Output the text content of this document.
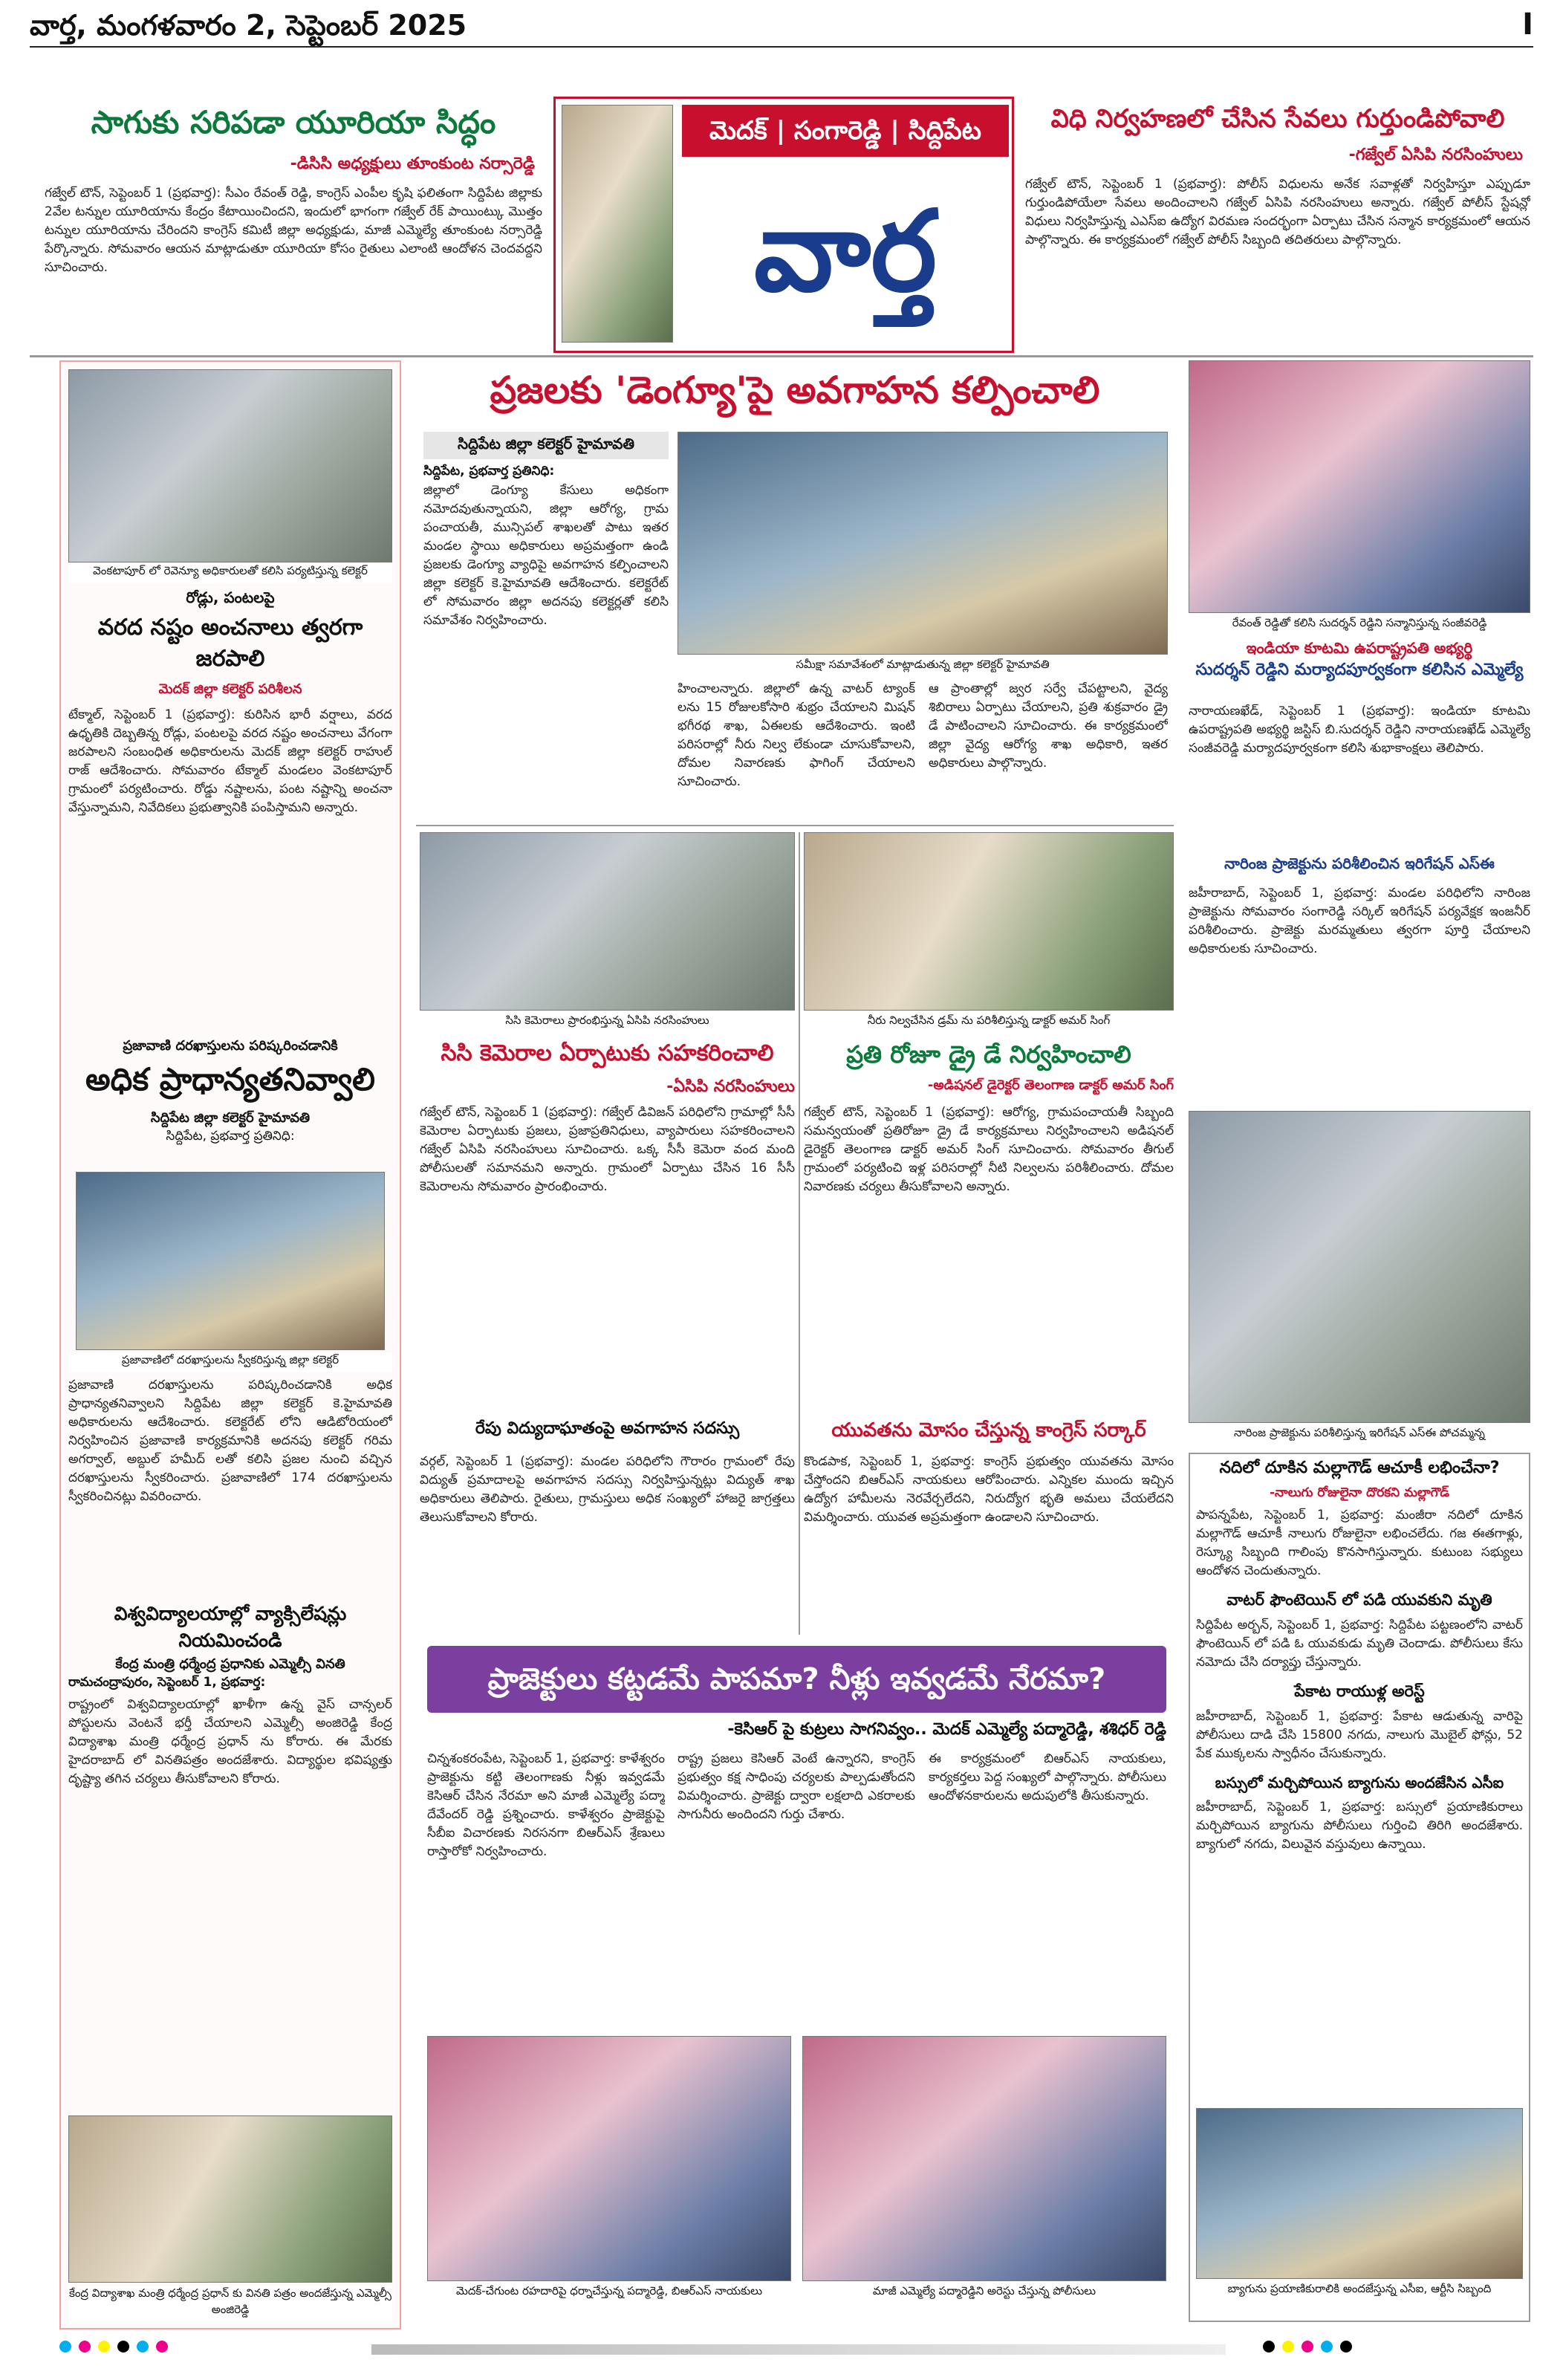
వార్త, మంగళవారం 2, సెప్టెంబర్ 2025	I
సాగుకు సరిపడా యూరియా సిద్ధం
-డిసిసి అధ్యక్షులు తూంకుంట నర్సారెడ్డి
గజ్వేల్ టౌన్, సెప్టెంబర్ 1 (ప్రభవార్త): సీఎం రేవంత్ రెడ్డి, కాంగ్రెస్ ఎంపీల కృషి ఫలితంగా సిద్దిపేట జిల్లాకు 2వేల టన్నుల యూరియాను కేంద్రం కేటాయించిందని, ఇందులో భాగంగా గజ్వేల్ రేక్ పాయింట్కు మొత్తం టన్నుల యూరియాను చేరిందని కాంగ్రెస్ కమిటీ జిల్లా అధ్యక్షుడు, మాజీ ఎమ్మెల్యే తూంకుంట నర్సారెడ్డి పేర్కొన్నారు. సోమవారం ఆయన మాట్లాడుతూ యూరియా కోసం రైతులు ఎలాంటి ఆందోళన చెందవద్దని సూచించారు.
మెదక్ | సంగారెడ్డి | సిద్దిపేట
వార్త
విధి నిర్వహణలో చేసిన సేవలు గుర్తుండిపోవాలి
-గజ్వేల్ ఏసిపి నరసింహులు
గజ్వేల్ టౌన్, సెప్టెంబర్ 1 (ప్రభవార్త): పోలీస్ విధులను అనేక సవాళ్లతో నిర్వహిస్తూ ఎప్పుడూ గుర్తుండిపోయేలా సేవలు అందించాలని గజ్వేల్ ఏసిపి నరసింహులు అన్నారు. గజ్వేల్ పోలీస్ స్టేషన్లో విధులు నిర్వహిస్తున్న ఎఎస్ఐ ఉద్యోగ విరమణ సందర్భంగా ఏర్పాటు చేసిన సన్మాన కార్యక్రమంలో ఆయన పాల్గొన్నారు. ఈ కార్యక్రమంలో గజ్వేల్ పోలీస్ సిబ్బంది తదితరులు పాల్గొన్నారు.
వెంకటాపూర్ లో రెవెన్యూ అధికారులతో కలిసి పర్యటిస్తున్న కలెక్టర్
రోడ్లు, పంటలపై
వరద నష్టం అంచనాలు త్వరగా జరపాలి
మెదక్ జిల్లా కలెక్టర్ పరిశీలన
టేక్మాల్, సెప్టెంబర్ 1 (ప్రభవార్త): కురిసిన భారీ వర్షాలు, వరద ఉధృతికి దెబ్బతిన్న రోడ్లు, పంటలపై వరద నష్టం అంచనాలు వేగంగా జరపాలని సంబంధిత అధికారులను మెదక్ జిల్లా కలెక్టర్ రాహుల్ రాజ్ ఆదేశించారు. సోమవారం టేక్మాల్ మండలం వెంకటాపూర్ గ్రామంలో పర్యటించారు. రోడ్డు నష్టాలను, పంట నష్టాన్ని అంచనా వేస్తున్నామని, నివేదికలు ప్రభుత్వానికి పంపిస్తామని అన్నారు.
ప్రజావాణి దరఖాస్తులను పరిష్కరించడానికి
అధిక ప్రాధాన్యతనివ్వాలి
సిద్దిపేట జిల్లా కలెక్టర్ హైమావతి
సిద్దిపేట, ప్రభవార్త ప్రతినిధి:
ప్రజావాణిలో దరఖాస్తులను స్వీకరిస్తున్న జిల్లా కలెక్టర్
ప్రజావాణి దరఖాస్తులను పరిష్కరించడానికి అధిక ప్రాధాన్యతనివ్వాలని సిద్దిపేట జిల్లా కలెక్టర్ కె.హైమావతి అధికారులను ఆదేశించారు. కలెక్టరేట్ లోని ఆడిటోరియంలో నిర్వహించిన ప్రజావాణి కార్యక్రమానికి అదనపు కలెక్టర్ గరిమ అగర్వాల్, అబ్దుల్ హమీద్ లతో కలిసి ప్రజల నుంచి వచ్చిన దరఖాస్తులను స్వీకరించారు. ప్రజావాణిలో 174 దరఖాస్తులను స్వీకరించినట్లు వివరించారు.
విశ్వవిద్యాలయాల్లో వ్యాక్సిలేషన్లు నియమించండి
కేంద్ర మంత్రి ధర్మేంద్ర ప్రధానికు ఎమ్మెల్సీ వినతి
రామచంద్రాపురం, సెప్టెంబర్ 1, ప్రభవార్త:
రాష్ట్రంలో విశ్వవిద్యాలయాల్లో ఖాళీగా ఉన్న వైస్ చాన్సలర్ పోస్టులను వెంటనే భర్తీ చేయాలని ఎమ్మెల్సీ అంజిరెడ్డి కేంద్ర విద్యాశాఖ మంత్రి ధర్మేంద్ర ప్రధాన్ ను కోరారు. ఈ మేరకు హైదరాబాద్ లో వినతిపత్రం అందజేశారు. విద్యార్థుల భవిష్యత్తు దృష్ట్యా తగిన చర్యలు తీసుకోవాలని కోరారు.
కేంద్ర విద్యాశాఖ మంత్రి ధర్మేంద్ర ప్రధాన్ కు వినతి పత్రం అందజేస్తున్న ఎమ్మెల్సీ అంజిరెడ్డి
ప్రజలకు 'డెంగ్యూ'పై అవగాహన కల్పించాలి
సిద్దిపేట జిల్లా కలెక్టర్ హైమావతి
సిద్దిపేట, ప్రభవార్త ప్రతినిధి:
జిల్లాలో డెంగ్యూ కేసులు అధికంగా నమోదవుతున్నాయని, జిల్లా ఆరోగ్య, గ్రామ పంచాయతీ, మున్సిపల్ శాఖలతో పాటు ఇతర మండల స్థాయి అధికారులు అప్రమత్తంగా ఉండి ప్రజలకు డెంగ్యూ వ్యాధిపై అవగాహన కల్పించాలని జిల్లా కలెక్టర్ కె.హైమావతి ఆదేశించారు. కలెక్టరేట్ లో సోమవారం జిల్లా అదనపు కలెక్టర్లతో కలిసి సమావేశం నిర్వహించారు.
సమీక్షా సమావేశంలో మాట్లాడుతున్న జిల్లా కలెక్టర్ హైమావతి
హించాలన్నారు. జిల్లాలో ఉన్న వాటర్ ట్యాంక్ లను 15 రోజులకోసారి శుభ్రం చేయాలని మిషన్ భగీరథ శాఖ, ఏఈలకు ఆదేశించారు. ఇంటి పరిసరాల్లో నీరు నిల్వ లేకుండా చూసుకోవాలని, దోమల నివారణకు ఫాగింగ్ చేయాలని సూచించారు.
ఆ ప్రాంతాల్లో జ్వర సర్వే చేపట్టాలని, వైద్య శిబిరాలు ఏర్పాటు చేయాలని, ప్రతి శుక్రవారం డ్రై డే పాటించాలని సూచించారు. ఈ కార్యక్రమంలో జిల్లా వైద్య ఆరోగ్య శాఖ అధికారి, ఇతర అధికారులు పాల్గొన్నారు.
సిసి కెమెరాలు ప్రారంభిస్తున్న ఏసిపి నరసింహులు
సిసి కెమెరాల ఏర్పాటుకు సహకరించాలి
-ఏసిపి నరసింహులు
గజ్వేల్ టౌన్, సెప్టెంబర్ 1 (ప్రభవార్త): గజ్వేల్ డివిజన్ పరిధిలోని గ్రామాల్లో సీసీ కెమెరాల ఏర్పాటుకు ప్రజలు, ప్రజాప్రతినిధులు, వ్యాపారులు సహకరించాలని గజ్వేల్ ఏసిపి నరసింహులు సూచించారు. ఒక్క సీసీ కెమెరా వంద మంది పోలీసులతో సమానమని అన్నారు. గ్రామంలో ఏర్పాటు చేసిన 16 సీసీ కెమెరాలను సోమవారం ప్రారంభించారు.
రేపు విద్యుదాఘాతంపై అవగాహన సదస్సు
వర్గల్, సెప్టెంబర్ 1 (ప్రభవార్త): మండల పరిధిలోని గౌరారం గ్రామంలో రేపు విద్యుత్ ప్రమాదాలపై అవగాహన సదస్సు నిర్వహిస్తున్నట్లు విద్యుత్ శాఖ అధికారులు తెలిపారు. రైతులు, గ్రామస్తులు అధిక సంఖ్యలో హాజరై జాగ్రత్తలు తెలుసుకోవాలని కోరారు.
నీరు నిల్వచేసిన డ్రమ్ ను పరిశీలిస్తున్న డాక్టర్ అమర్ సింగ్
ప్రతి రోజూ డ్రై డే నిర్వహించాలి
-అడిషనల్ డైరెక్టర్ తెలంగాణ డాక్టర్ అమర్ సింగ్
గజ్వేల్ టౌన్, సెప్టెంబర్ 1 (ప్రభవార్త): ఆరోగ్య, గ్రామపంచాయతీ సిబ్బంది సమన్వయంతో ప్రతిరోజూ డ్రై డే కార్యక్రమాలు నిర్వహించాలని అడిషనల్ డైరెక్టర్ తెలంగాణ డాక్టర్ అమర్ సింగ్ సూచించారు. సోమవారం తీగుల్ గ్రామంలో పర్యటించి ఇళ్ల పరిసరాల్లో నీటి నిల్వలను పరిశీలించారు. దోమల నివారణకు చర్యలు తీసుకోవాలని అన్నారు.
యువతను మోసం చేస్తున్న కాంగ్రెస్ సర్కార్
కొండపాక, సెప్టెంబర్ 1, ప్రభవార్త: కాంగ్రెస్ ప్రభుత్వం యువతను మోసం చేస్తోందని బిఆర్ఎస్ నాయకులు ఆరోపించారు. ఎన్నికల ముందు ఇచ్చిన ఉద్యోగ హామీలను నెరవేర్చలేదని, నిరుద్యోగ భృతి అమలు చేయలేదని విమర్శించారు. యువత అప్రమత్తంగా ఉండాలని సూచించారు.
ప్రాజెక్టులు కట్టడమే పాపమా? నీళ్లు ఇవ్వడమే నేరమా?
-కెసిఆర్ పై కుట్రలు సాగనివ్వం.. మెదక్ ఎమ్మెల్యే పద్మారెడ్డి, శశిధర్ రెడ్డి
చిన్నశంకరంపేట, సెప్టెంబర్ 1, ప్రభవార్త: కాళేశ్వరం ప్రాజెక్టును కట్టి తెలంగాణకు నీళ్లు ఇవ్వడమే కెసిఆర్ చేసిన నేరమా అని మాజీ ఎమ్మెల్యే పద్మా దేవేందర్ రెడ్డి ప్రశ్నించారు. కాళేశ్వరం ప్రాజెక్టుపై సీబీఐ విచారణకు నిరసనగా బిఆర్ఎస్ శ్రేణులు రాస్తారోకో నిర్వహించారు.
రాష్ట్ర ప్రజలు కెసిఆర్ వెంటే ఉన్నారని, కాంగ్రెస్ ప్రభుత్వం కక్ష సాధింపు చర్యలకు పాల్పడుతోందని విమర్శించారు. ప్రాజెక్టు ద్వారా లక్షలాది ఎకరాలకు సాగునీరు అందిందని గుర్తు చేశారు.
ఈ కార్యక్రమంలో బిఆర్ఎస్ నాయకులు, కార్యకర్తలు పెద్ద సంఖ్యలో పాల్గొన్నారు. పోలీసులు ఆందోళనకారులను అదుపులోకి తీసుకున్నారు.
మెదక్-చేగుంట రహదారిపై ధర్నాచేస్తున్న పద్మారెడ్డి, బిఆర్ఎస్ నాయకులు	మాజీ ఎమ్మెల్యే పద్మారెడ్డిని అరెస్టు చేస్తున్న పోలీసులు
రేవంత్ రెడ్డితో కలిసి సుదర్శన్ రెడ్డిని సన్మానిస్తున్న సంజీవరెడ్డి
ఇండియా కూటమి ఉపరాష్ట్రపతి అభ్యర్థి
సుదర్శన్ రెడ్డిని మర్యాదపూర్వకంగా కలిసిన ఎమ్మెల్యే
నారాయణఖేడ్, సెప్టెంబర్ 1 (ప్రభవార్త): ఇండియా కూటమి ఉపరాష్ట్రపతి అభ్యర్థి జస్టిస్ బి.సుదర్శన్ రెడ్డిని నారాయణఖేడ్ ఎమ్మెల్యే సంజీవరెడ్డి మర్యాదపూర్వకంగా కలిసి శుభాకాంక్షలు తెలిపారు.
నారింజ ప్రాజెక్టును పరిశీలించిన ఇరిగేషన్ ఎస్ఈ
జహీరాబాద్, సెప్టెంబర్ 1, ప్రభవార్త: మండల పరిధిలోని నారింజ ప్రాజెక్టును సోమవారం సంగారెడ్డి సర్కిల్ ఇరిగేషన్ పర్యవేక్షక ఇంజనీర్ పరిశీలించారు. ప్రాజెక్టు మరమ్మతులు త్వరగా పూర్తి చేయాలని అధికారులకు సూచించారు.
నారింజ ప్రాజెక్టును పరిశీలిస్తున్న ఇరిగేషన్ ఎస్ఈ పోచమ్మన్న
నదిలో దూకిన మల్లాగౌడ్ ఆచూకీ లభించేనా?
-నాలుగు రోజులైనా దొరకని మల్లాగౌడ్
పాపన్నపేట, సెప్టెంబర్ 1, ప్రభవార్త: మంజీరా నదిలో దూకిన మల్లాగౌడ్ ఆచూకీ నాలుగు రోజులైనా లభించలేదు. గజ ఈతగాళ్లు, రెస్క్యూ సిబ్బంది గాలింపు కొనసాగిస్తున్నారు. కుటుంబ సభ్యులు ఆందోళన చెందుతున్నారు.
వాటర్ ఫౌంటెయిన్ లో పడి యువకుని మృతి
సిద్దిపేట అర్బన్, సెప్టెంబర్ 1, ప్రభవార్త: సిద్దిపేట పట్టణంలోని వాటర్ ఫౌంటెయిన్ లో పడి ఓ యువకుడు మృతి చెందాడు. పోలీసులు కేసు నమోదు చేసి దర్యాప్తు చేస్తున్నారు.
పేకాట రాయుళ్ల అరెస్ట్
జహీరాబాద్, సెప్టెంబర్ 1, ప్రభవార్త: పేకాట ఆడుతున్న వారిపై పోలీసులు దాడి చేసి 15800 నగదు, నాలుగు మొబైల్ ఫోన్లు, 52 పేక ముక్కలను స్వాధీనం చేసుకున్నారు.
బస్సులో మర్చిపోయిన బ్యాగును అందజేసిన ఎసీఐ
జహీరాబాద్, సెప్టెంబర్ 1, ప్రభవార్త: బస్సులో ప్రయాణికురాలు మర్చిపోయిన బ్యాగును పోలీసులు గుర్తించి తిరిగి అందజేశారు. బ్యాగులో నగదు, విలువైన వస్తువులు ఉన్నాయి.
బ్యాగును ప్రయాణికురాలికి అందజేస్తున్న ఎసీఐ, ఆర్టీసి సిబ్బంది
